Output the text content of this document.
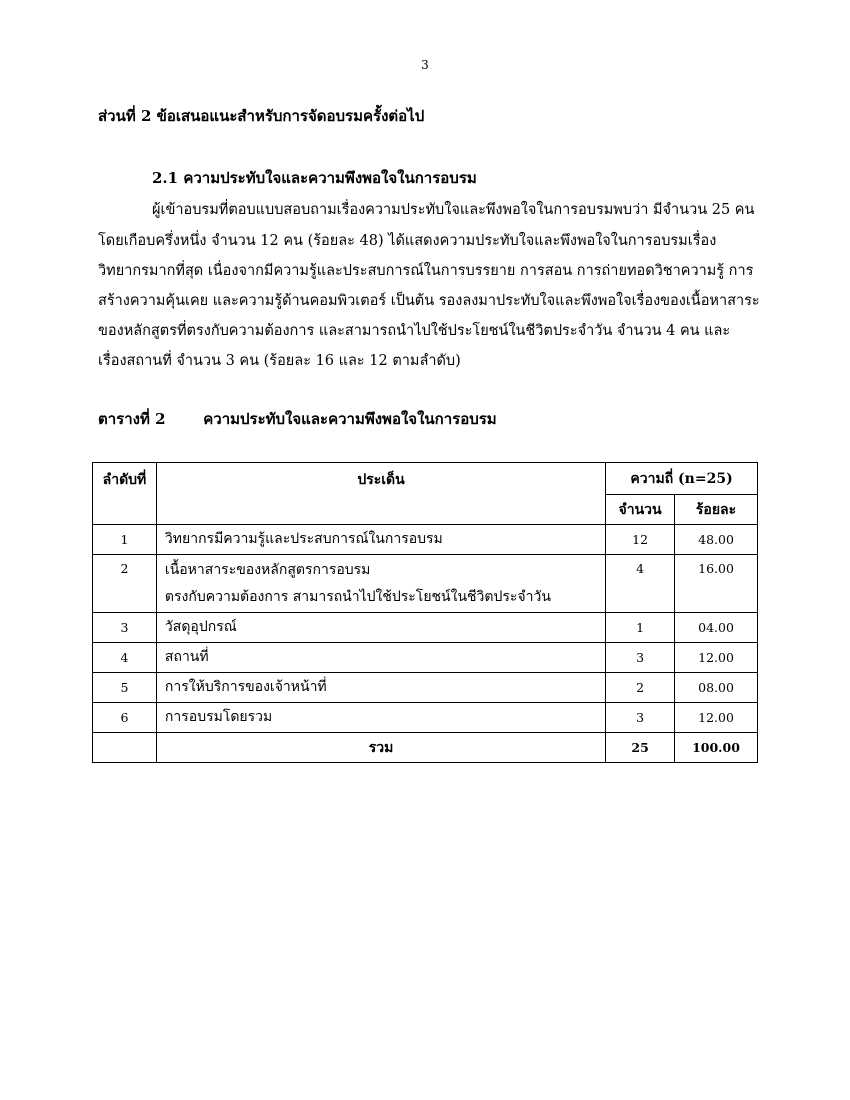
3
ส่วนที่ 2 ข้อเสนอแนะสำหรับการจัดอบรมครั้งต่อไป
2.1 ความประทับใจและความพึงพอใจในการอบรม
ผู้เข้าอบรมที่ตอบแบบสอบถามเรื่องความประทับใจและพึงพอใจในการอบรมพบว่า มีจำนวน 25 คน
โดยเกือบครึ่งหนึ่ง จำนวน 12 คน (ร้อยละ 48) ได้แสดงความประทับใจและพึงพอใจในการอบรมเรื่อง
วิทยากรมากที่สุด เนื่องจากมีความรู้และประสบการณ์ในการบรรยาย การสอน การถ่ายทอดวิชาความรู้ การ
สร้างความคุ้นเคย และความรู้ด้านคอมพิวเตอร์ เป็นต้น รองลงมาประทับใจและพึงพอใจเรื่องของเนื้อหาสาระ
ของหลักสูตรที่ตรงกับความต้องการ และสามารถนำไปใช้ประโยชน์ในชีวิตประจำวัน จำนวน 4 คน และ
เรื่องสถานที่ จำนวน 3 คน (ร้อยละ 16 และ 12 ตามลำดับ)
ตารางที่ 2	ความประทับใจและความพึงพอใจในการอบรม
ลำดับที่	ประเด็น	ความถี่ (n=25)	
		จำนวน	ร้อยละ
1	วิทยากรมีความรู้และประสบการณ์ในการอบรม	12	48.00
2	เนื้อหาสาระของหลักสูตรการอบรม
ตรงกับความต้องการ สามารถนำไปใช้ประโยชน์ในชีวิตประจำวัน	4	16.00
3	วัสดุอุปกรณ์	1	04.00
4	สถานที่	3	12.00
5	การให้บริการของเจ้าหน้าที่	2	08.00
6	การอบรมโดยรวม	3	12.00
	รวม	25	100.00
